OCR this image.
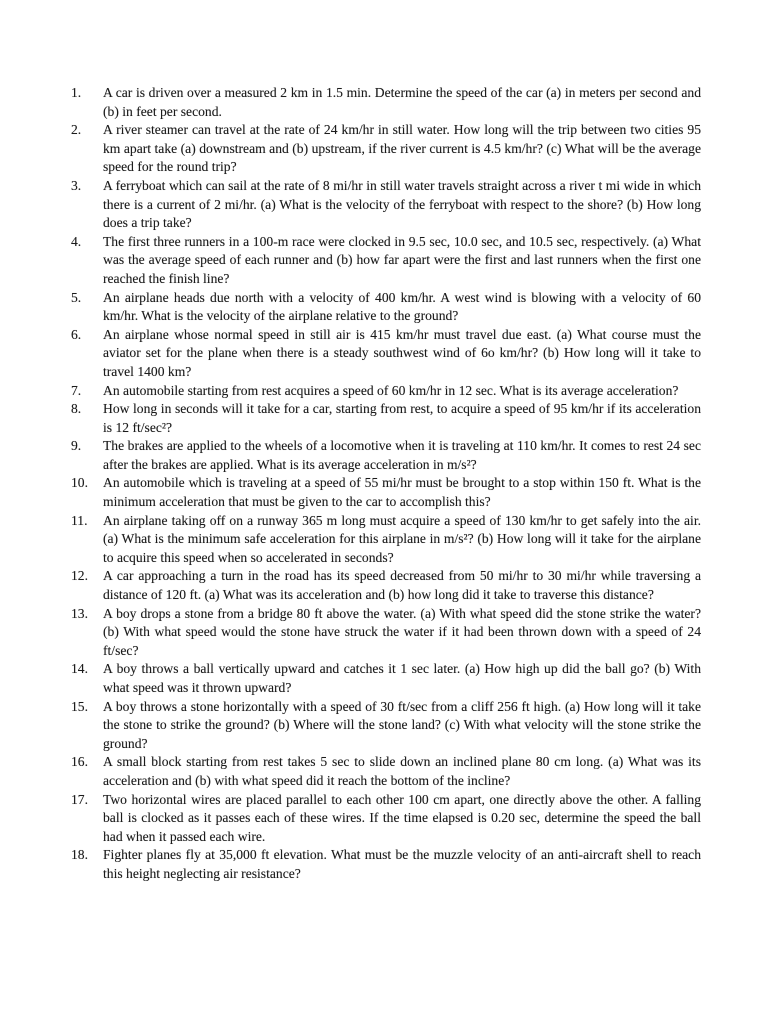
1.	A car is driven over a measured 2 km in 1.5 min. Determine the speed of the car (a) in meters per second and (b) in feet per second.
2.	A river steamer can travel at the rate of 24 km/hr in still water. How long will the trip between two cities 95 km apart take (a) downstream and (b) upstream, if the river current is 4.5 km/hr? (c) What will be the average speed for the round trip?
3.	A ferryboat which can sail at the rate of 8 mi/hr in still water travels straight across a river t mi wide in which there is a current of 2 mi/hr. (a) What is the velocity of the ferryboat with respect to the shore? (b) How long does a trip take?
4.	The first three runners in a 100-m race were clocked in 9.5 sec, 10.0 sec, and 10.5 sec, respectively. (a) What was the average speed of each runner and (b) how far apart were the first and last runners when the first one reached the finish line?
5.	An airplane heads due north with a velocity of 400 km/hr. A west wind is blowing with a velocity of 60 km/hr. What is the velocity of the airplane relative to the ground?
6.	An airplane whose normal speed in still air is 415 km/hr must travel due east. (a) What course must the aviator set for the plane when there is a steady southwest wind of 6o km/hr? (b) How long will it take to travel 1400 km?
7.	An automobile starting from rest acquires a speed of 60 km/hr in 12 sec. What is its average acceleration?
8.	How long in seconds will it take for a car, starting from rest, to acquire a speed of 95 km/hr if its acceleration is 12 ft/sec²?
9.	The brakes are applied to the wheels of a locomotive when it is traveling at 110 km/hr. It comes to rest 24 sec after the brakes are applied. What is its average acceleration in m/s²?
10.	An automobile which is traveling at a speed of 55 mi/hr must be brought to a stop within 150 ft. What is the minimum acceleration that must be given to the car to accomplish this?
11.	An airplane taking off on a runway 365 m long must acquire a speed of 130 km/hr to get safely into the air. (a) What is the minimum safe acceleration for this airplane in m/s²? (b) How long will it take for the airplane to acquire this speed when so accelerated in seconds?
12.	A car approaching a turn in the road has its speed decreased from 50 mi/hr to 30 mi/hr while traversing a distance of 120 ft. (a) What was its acceleration and (b) how long did it take to traverse this distance?
13.	A boy drops a stone from a bridge 80 ft above the water. (a) With what speed did the stone strike the water? (b) With what speed would the stone have struck the water if it had been thrown down with a speed of 24 ft/sec?
14.	A boy throws a ball vertically upward and catches it 1 sec later. (a) How high up did the ball go? (b) With what speed was it thrown upward?
15.	A boy throws a stone horizontally with a speed of 30 ft/sec from a cliff 256 ft high. (a) How long will it take the stone to strike the ground? (b) Where will the stone land? (c) With what velocity will the stone strike the ground?
16.	A small block starting from rest takes 5 sec to slide down an inclined plane 80 cm long. (a) What was its acceleration and (b) with what speed did it reach the bottom of the incline?
17.	Two horizontal wires are placed parallel to each other 100 cm apart, one directly above the other. A falling ball is clocked as it passes each of these wires. If the time elapsed is 0.20 sec, determine the speed the ball had when it passed each wire.
18.	Fighter planes fly at 35,000 ft elevation. What must be the muzzle velocity of an anti-aircraft shell to reach this height neglecting air resistance?
